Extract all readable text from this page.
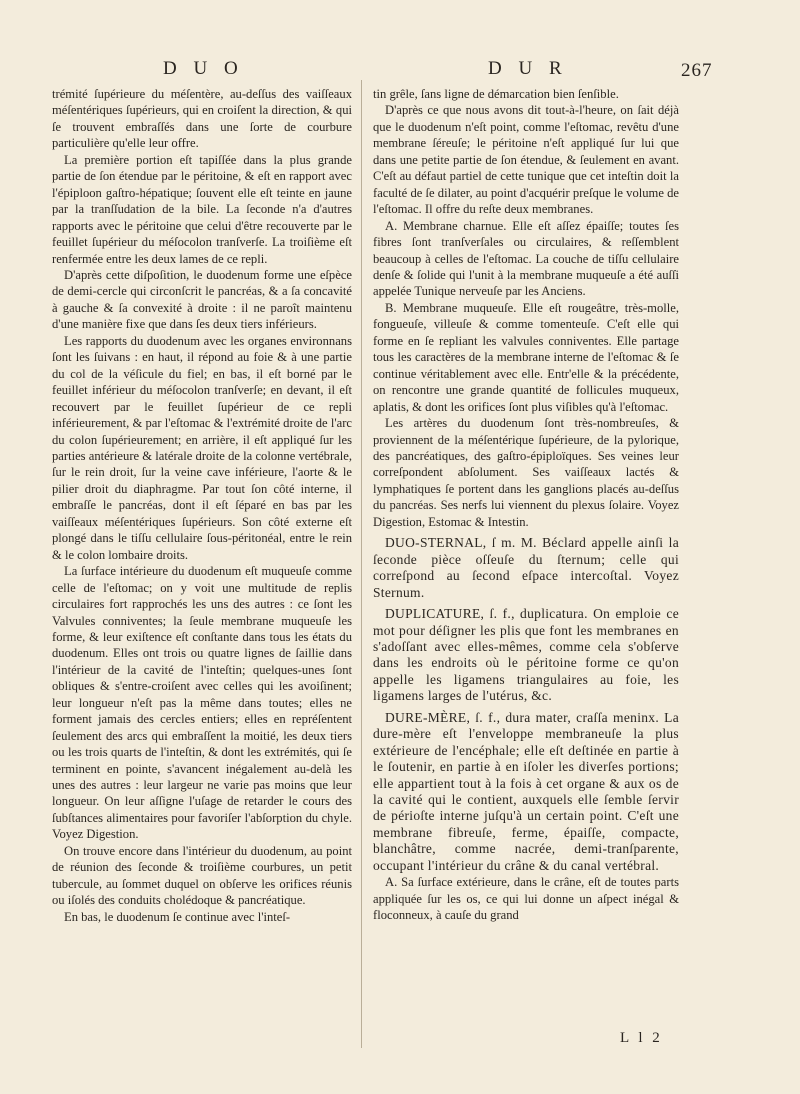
D U O	D U R	267

trémité ſupérieure du méſentère, au-deſſus des vaiſſeaux méſentériques ſupérieurs, qui en croiſent la direction, & qui ſe trouvent embraſſés dans une ſorte de courbure particulière qu'elle leur offre.

La première portion eſt tapiſſée dans la plus grande partie de ſon étendue par le péritoine, & eſt en rapport avec l'épiploon gaſtro-hépatique; ſouvent elle eſt teinte en jaune par la tranſſudation de la bile. La ſeconde n'a d'autres rapports avec le péritoine que celui d'être recouverte par le feuillet ſupérieur du méſocolon tranſverſe. La troiſième eſt renfermée entre les deux lames de ce repli.

D'après cette diſpoſition, le duodenum forme une eſpèce de demi-cercle qui circonſcrit le pancréas, & a ſa concavité à gauche & ſa convexité à droite : il ne paroît maintenu d'une manière fixe que dans ſes deux tiers inférieurs.

Les rapports du duodenum avec les organes environnans ſont les ſuivans : en haut, il répond au foie & à une partie du col de la véſicule du fiel; en bas, il eſt borné par le feuillet inférieur du méſocolon tranſverſe; en devant, il eſt recouvert par le feuillet ſupérieur de ce repli inférieurement, & par l'eſtomac & l'extrémité droite de l'arc du colon ſupérieurement; en arrière, il eſt appliqué ſur les parties antérieure & latérale droite de la colonne vertébrale, ſur le rein droit, ſur la veine cave inférieure, l'aorte & le pilier droit du diaphragme. Par tout ſon côté interne, il embraſſe le pancréas, dont il eſt ſéparé en bas par les vaiſſeaux méſentériques ſupérieurs. Son côté externe eſt plongé dans le tiſſu cellulaire ſous-péritonéal, entre le rein & le colon lombaire droits.

La ſurface intérieure du duodenum eſt muqueuſe comme celle de l'eſtomac; on y voit une multitude de replis circulaires fort rapprochés les uns des autres : ce ſont les Valvules conniventes; la ſeule membrane muqueuſe les forme, & leur exiſtence eſt conſtante dans tous les états du duodenum. Elles ont trois ou quatre lignes de ſaillie dans l'intérieur de la cavité de l'inteſtin; quelques-unes ſont obliques & s'entre-croiſent avec celles qui les avoiſinent; leur longueur n'eſt pas la même dans toutes; elles ne forment jamais des cercles entiers; elles en repréſentent ſeulement des arcs qui embraſſent la moitié, les deux tiers ou les trois quarts de l'inteſtin, & dont les extrémités, qui ſe terminent en pointe, s'avancent inégalement au-delà les unes des autres : leur largeur ne varie pas moins que leur longueur. On leur aſſigne l'uſage de retarder le cours des ſubſtances alimentaires pour favoriſer l'abſorption du chyle. Voyez Digestion.

On trouve encore dans l'intérieur du duodenum, au point de réunion des ſeconde & troiſième courbures, un petit tubercule, au ſommet duquel on obſerve les orifices réunis ou iſolés des conduits cholédoque & pancréatique.

En bas, le duodenum ſe continue avec l'inteſ-

tin grêle, ſans ligne de démarcation bien ſenſible.

D'après ce que nous avons dit tout-à-l'heure, on ſait déjà que le duodenum n'eſt point, comme l'eſtomac, revêtu d'une membrane ſéreuſe; le péritoine n'eſt appliqué ſur lui que dans une petite partie de ſon étendue, & ſeulement en avant. C'eſt au défaut partiel de cette tunique que cet inteſtin doit la faculté de ſe dilater, au point d'acquérir preſque le volume de l'eſtomac. Il offre du reſte deux membranes.

A. Membrane charnue. Elle eſt aſſez épaiſſe; toutes ſes fibres ſont tranſverſales ou circulaires, & reſſemblent beaucoup à celles de l'eſtomac. La couche de tiſſu cellulaire denſe & ſolide qui l'unit à la membrane muqueuſe a été auſſi appelée Tunique nerveuſe par les Anciens.

B. Membrane muqueuſe. Elle eſt rougeâtre, très-molle, fongueuſe, villeuſe & comme tomenteuſe. C'eſt elle qui forme en ſe repliant les valvules conniventes. Elle partage tous les caractères de la membrane interne de l'eſtomac & ſe continue véritablement avec elle. Entr'elle & la précédente, on rencontre une grande quantité de follicules muqueux, aplatis, & dont les orifices ſont plus viſibles qu'à l'eſtomac.

Les artères du duodenum ſont très-nombreuſes, & proviennent de la méſentérique ſupérieure, de la pylorique, des pancréatiques, des gaſtro-épiploïques. Ses veines leur correſpondent abſolument. Ses vaiſſeaux lactés & lymphatiques ſe portent dans les ganglions placés au-deſſus du pancréas. Ses nerfs lui viennent du plexus ſolaire. Voyez Digestion, Estomac & Intestin.

DUO-STERNAL, ſ m. M. Béclard appelle ainſi la ſeconde pièce oſſeuſe du ſternum; celle qui correſpond au ſecond eſpace intercoſtal. Voyez Sternum.

DUPLICATURE, ſ. f., duplicatura. On emploie ce mot pour déſigner les plis que font les membranes en s'adoſſant avec elles-mêmes, comme cela s'obſerve dans les endroits où le péritoine forme ce qu'on appelle les ligamens triangulaires au foie, les ligamens larges de l'utérus, &c.

DURE-MÈRE, ſ. f., dura mater, craſſa meninx. La dure-mère eſt l'enveloppe membraneuſe la plus extérieure de l'encéphale; elle eſt deſtinée en partie à le ſoutenir, en partie à en iſoler les diverſes portions; elle appartient tout à la fois à cet organe & aux os de la cavité qui le contient, auxquels elle ſemble ſervir de périoſte interne juſqu'à un certain point. C'eſt une membrane fibreuſe, ferme, épaiſſe, compacte, blanchâtre, comme nacrée, demi-tranſparente, occupant l'intérieur du crâne & du canal vertébral.

A. Sa ſurface extérieure, dans le crâne, eſt de toutes parts appliquée ſur les os, ce qui lui donne un aſpect inégal & floconneux, à cauſe du grand

L l 2
